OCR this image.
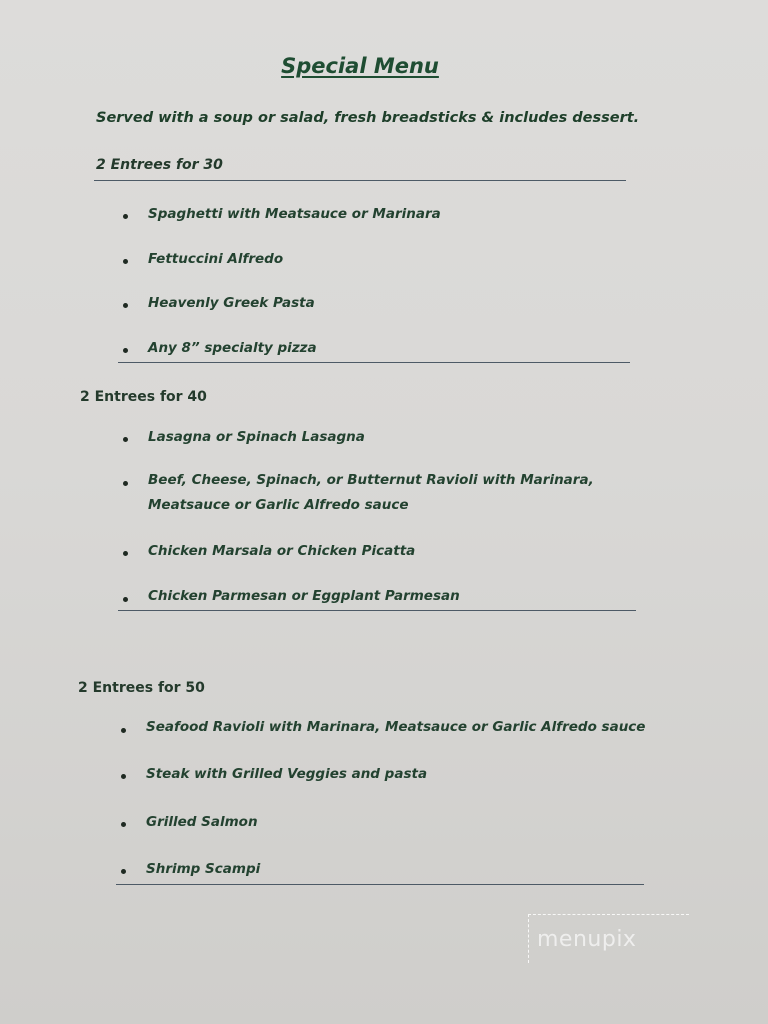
Special Menu
Served with a soup or salad, fresh breadsticks & includes dessert.
2 Entrees for 30
Spaghetti with Meatsauce or Marinara
Fettuccini Alfredo
Heavenly Greek Pasta
Any 8” specialty pizza
2 Entrees for 40
Lasagna or Spinach Lasagna
Beef, Cheese, Spinach, or Butternut Ravioli with Marinara,
Meatsauce or Garlic Alfredo sauce
Chicken Marsala or Chicken Picatta
Chicken Parmesan or Eggplant Parmesan
2 Entrees for 50
Seafood Ravioli with Marinara, Meatsauce or Garlic Alfredo sauce
Steak with Grilled Veggies and pasta
Grilled Salmon
Shrimp Scampi
menupix
